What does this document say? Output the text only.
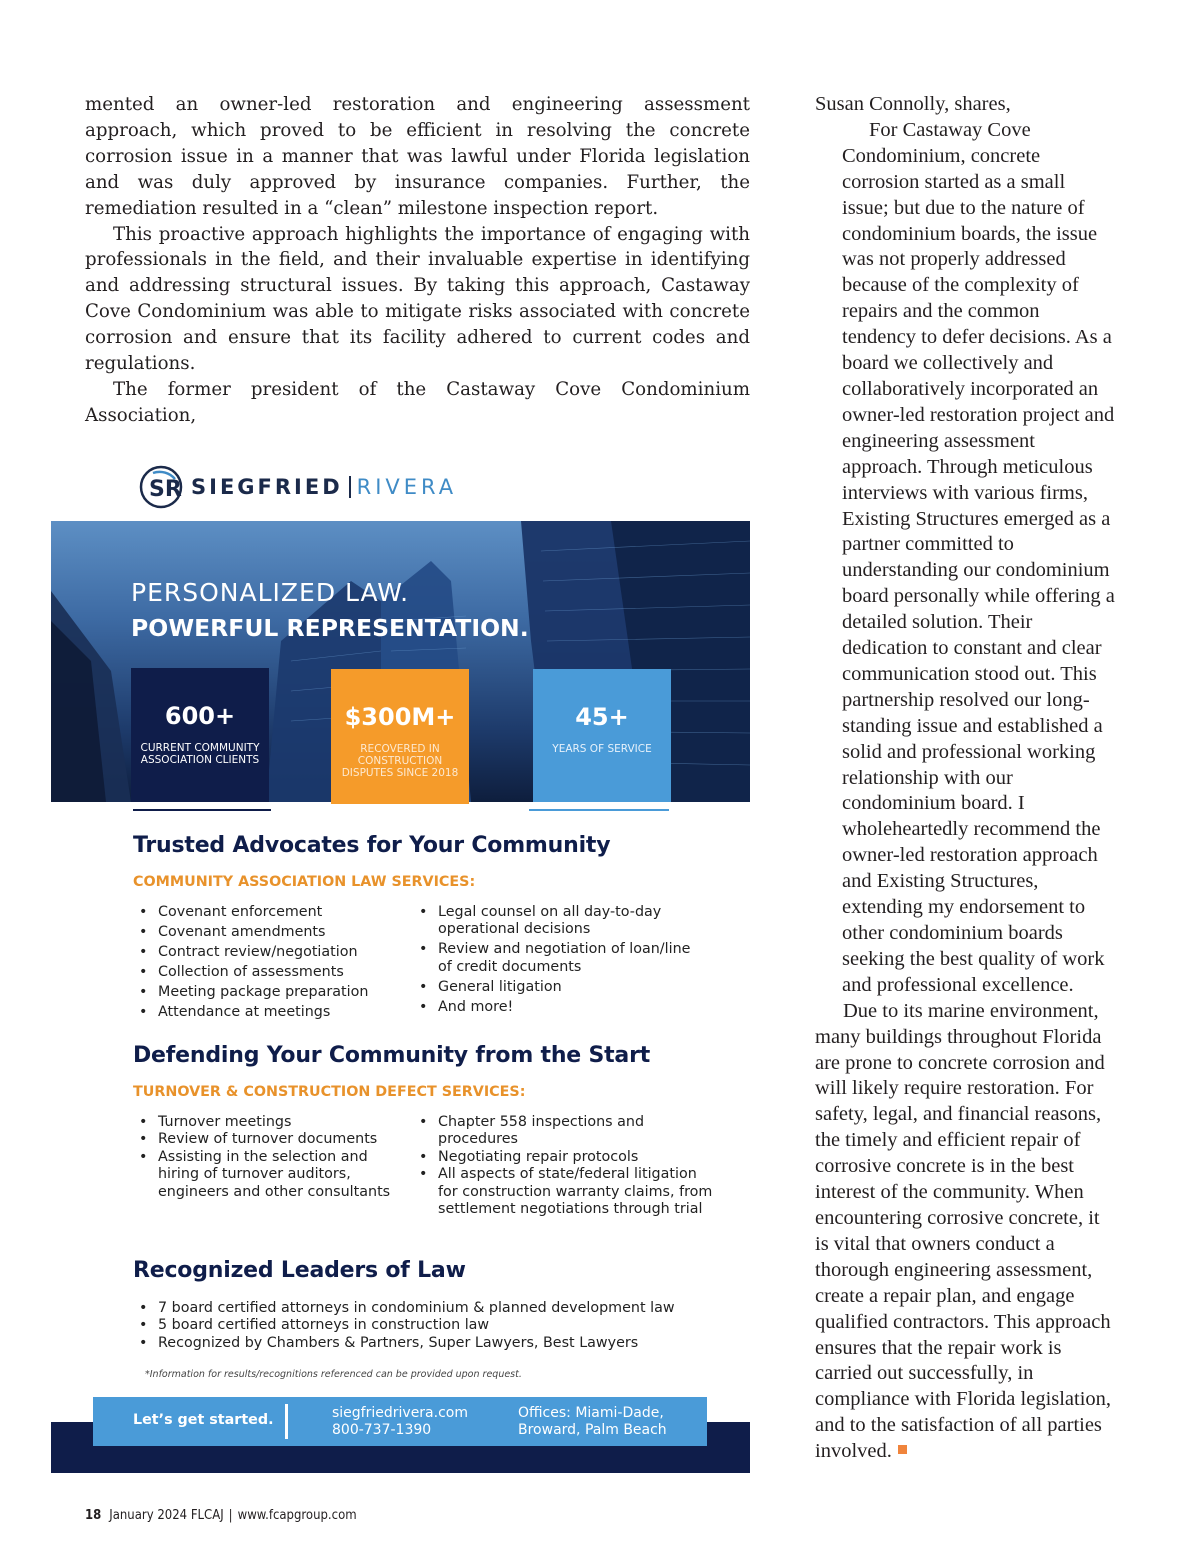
mented an owner-led restoration and engineering assessment approach, which proved to be efficient in resolving the concrete corrosion issue in a manner that was lawful under Florida legislation and was duly approved by insurance companies. Further, the remediation resulted in a “clean” milestone inspection report.

This proactive approach highlights the importance of engaging with professionals in the field, and their invaluable expertise in identifying and addressing structural issues. By taking this approach, Castaway Cove Condominium was able to mitigate risks associated with concrete corrosion and ensure that its facility adhered to current codes and regulations.

The former president of the Castaway Cove Condominium Association,

Susan Connolly, shares,

For Castaway Cove Condominium, concrete corrosion started as a small issue; but due to the nature of condominium boards, the issue was not properly addressed because of the complexity of repairs and the common tendency to defer decisions. As a board we collectively and collaboratively incorporated an owner-led restoration project and engineering assessment approach. Through meticulous interviews with various firms, Existing Structures emerged as a partner committed to understanding our condominium board personally while offering a detailed solution. Their dedication to constant and clear communication stood out. This partnership resolved our long-standing issue and established a solid and professional working relationship with our condominium board. I wholeheartedly recommend the owner-led restoration approach and Existing Structures, extending my endorsement to other condominium boards seeking the best quality of work and professional excellence.

Due to its marine environment, many buildings throughout Florida are prone to concrete corrosion and will likely require restoration. For safety, legal, and financial reasons, the timely and efficient repair of corrosive concrete is in the best interest of the community. When encountering corrosive concrete, it is vital that owners conduct a thorough engineering assessment, create a repair plan, and engage qualified contractors. This approach ensures that the repair work is carried out successfully, in compliance with Florida legislation, and to the satisfaction of all parties involved.

SR SIEGFRIED RIVERA
PERSONALIZED LAW.
POWERFUL REPRESENTATION.
600+
CURRENT COMMUNITY ASSOCIATION CLIENTS
$300M+
RECOVERED IN CONSTRUCTION DISPUTES SINCE 2018
45+
YEARS OF SERVICE
Trusted Advocates for Your Community
COMMUNITY ASSOCIATION LAW SERVICES:
• Covenant enforcement
• Covenant amendments
• Contract review/negotiation
• Collection of assessments
• Meeting package preparation
• Attendance at meetings
• Legal counsel on all day-to-day operational decisions
• Review and negotiation of loan/line of credit documents
• General litigation
• And more!
Defending Your Community from the Start
TURNOVER & CONSTRUCTION DEFECT SERVICES:
• Turnover meetings
• Review of turnover documents
• Assisting in the selection and hiring of turnover auditors, engineers and other consultants
• Chapter 558 inspections and procedures
• Negotiating repair protocols
• All aspects of state/federal litigation for construction warranty claims, from settlement negotiations through trial
Recognized Leaders of Law
• 7 board certified attorneys in condominium & planned development law
• 5 board certified attorneys in construction law
• Recognized by Chambers & Partners, Super Lawyers, Best Lawyers
*Information for results/recognitions referenced can be provided upon request.
Let’s get started.	siegfriedrivera.com
800-737-1390
Offices: Miami-Dade,
Broward, Palm Beach
18 January 2024 FLCAJ | www.fcapgroup.com
